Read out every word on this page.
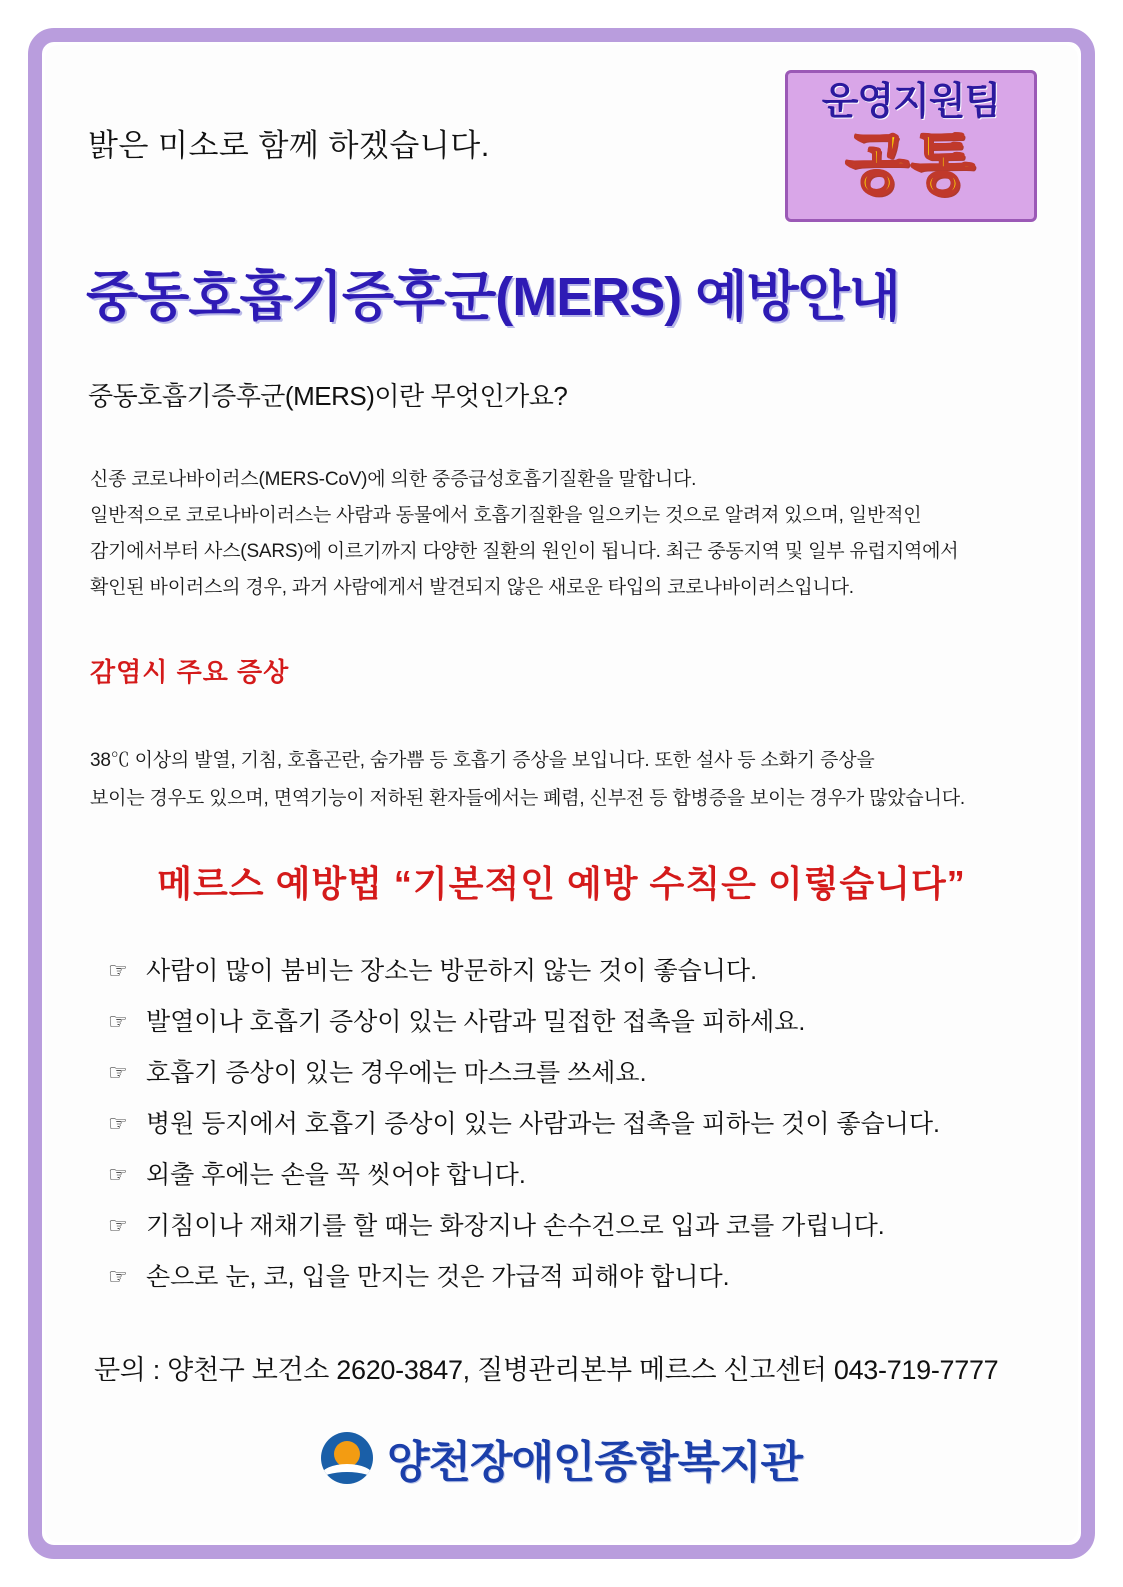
운영지원팀
공통
밝은 미소로 함께 하겠습니다.
중동호흡기증후군(MERS) 예방안내
중동호흡기증후군(MERS)이란 무엇인가요?
신종 코로나바이러스(MERS-CoV)에 의한 중증급성호흡기질환을 말합니다.
일반적으로 코로나바이러스는 사람과 동물에서 호흡기질환을 일으키는 것으로 알려져 있으며, 일반적인
감기에서부터 사스(SARS)에 이르기까지 다양한 질환의 원인이 됩니다. 최근 중동지역 및 일부 유럽지역에서
확인된 바이러스의 경우, 과거 사람에게서 발견되지 않은 새로운 타입의 코로나바이러스입니다.
감염시 주요 증상
38℃ 이상의 발열, 기침, 호흡곤란, 숨가쁨 등 호흡기 증상을 보입니다. 또한 설사 등 소화기 증상을
보이는 경우도 있으며, 면역기능이 저하된 환자들에서는 폐렴, 신부전 등 합병증을 보이는 경우가 많았습니다.
메르스 예방법 “기본적인 예방 수칙은 이렇습니다”
☞ 사람이 많이 붐비는 장소는 방문하지 않는 것이 좋습니다.
☞ 발열이나 호흡기 증상이 있는 사람과 밀접한 접촉을 피하세요.
☞ 호흡기 증상이 있는 경우에는 마스크를 쓰세요.
☞ 병원 등지에서 호흡기 증상이 있는 사람과는 접촉을 피하는 것이 좋습니다.
☞ 외출 후에는 손을 꼭 씻어야 합니다.
☞ 기침이나 재채기를 할 때는 화장지나 손수건으로 입과 코를 가립니다.
☞ 손으로 눈, 코, 입을 만지는 것은 가급적 피해야 합니다.
문의 : 양천구 보건소 2620-3847, 질병관리본부 메르스 신고센터 043-719-7777
양천장애인종합복지관
